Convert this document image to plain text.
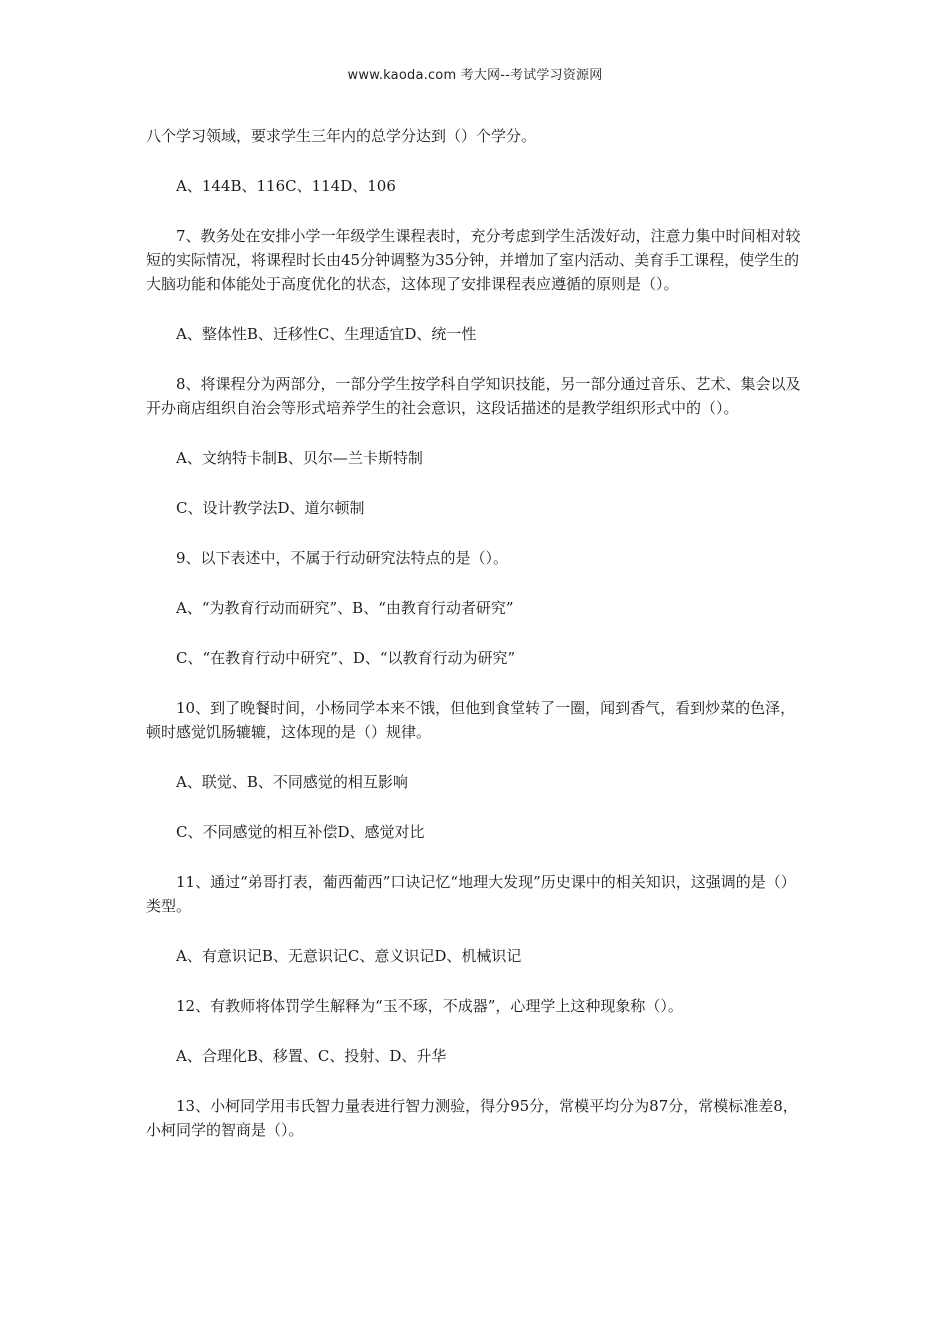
www.kaoda.com 考大网--考试学习资源网

八个学习领域，要求学生三年内的总学分达到（）个学分。

A、144B、116C、114D、106

7、教务处在安排小学一年级学生课程表时，充分考虑到学生活泼好动，注意力集中时间相对较短的实际情况，将课程时长由45分钟调整为35分钟，并增加了室内活动、美育手工课程，使学生的大脑功能和体能处于高度优化的状态，这体现了安排课程表应遵循的原则是（）。

A、整体性B、迁移性C、生理适宜D、统一性

8、将课程分为两部分，一部分学生按学科自学知识技能，另一部分通过音乐、艺术、集会以及开办商店组织自治会等形式培养学生的社会意识，这段话描述的是教学组织形式中的（）。

A、文纳特卡制B、贝尔—兰卡斯特制

C、设计教学法D、道尔顿制

9、以下表述中，不属于行动研究法特点的是（）。

A、“为教育行动而研究”、B、“由教育行动者研究”

C、“在教育行动中研究”、D、“以教育行动为研究”

10、到了晚餐时间，小杨同学本来不饿，但他到食堂转了一圈，闻到香气，看到炒菜的色泽，顿时感觉饥肠辘辘，这体现的是（）规律。

A、联觉、B、不同感觉的相互影响

C、不同感觉的相互补偿D、感觉对比

11、通过“弟哥打表，葡西葡西”口诀记忆“地理大发现”历史课中的相关知识，这强调的是（）类型。

A、有意识记B、无意识记C、意义识记D、机械识记

12、有教师将体罚学生解释为“玉不琢，不成器”，心理学上这种现象称（）。

A、合理化B、移置、C、投射、D、升华

13、小柯同学用韦氏智力量表进行智力测验，得分95分，常模平均分为87分，常模标准差8，小柯同学的智商是（）。
